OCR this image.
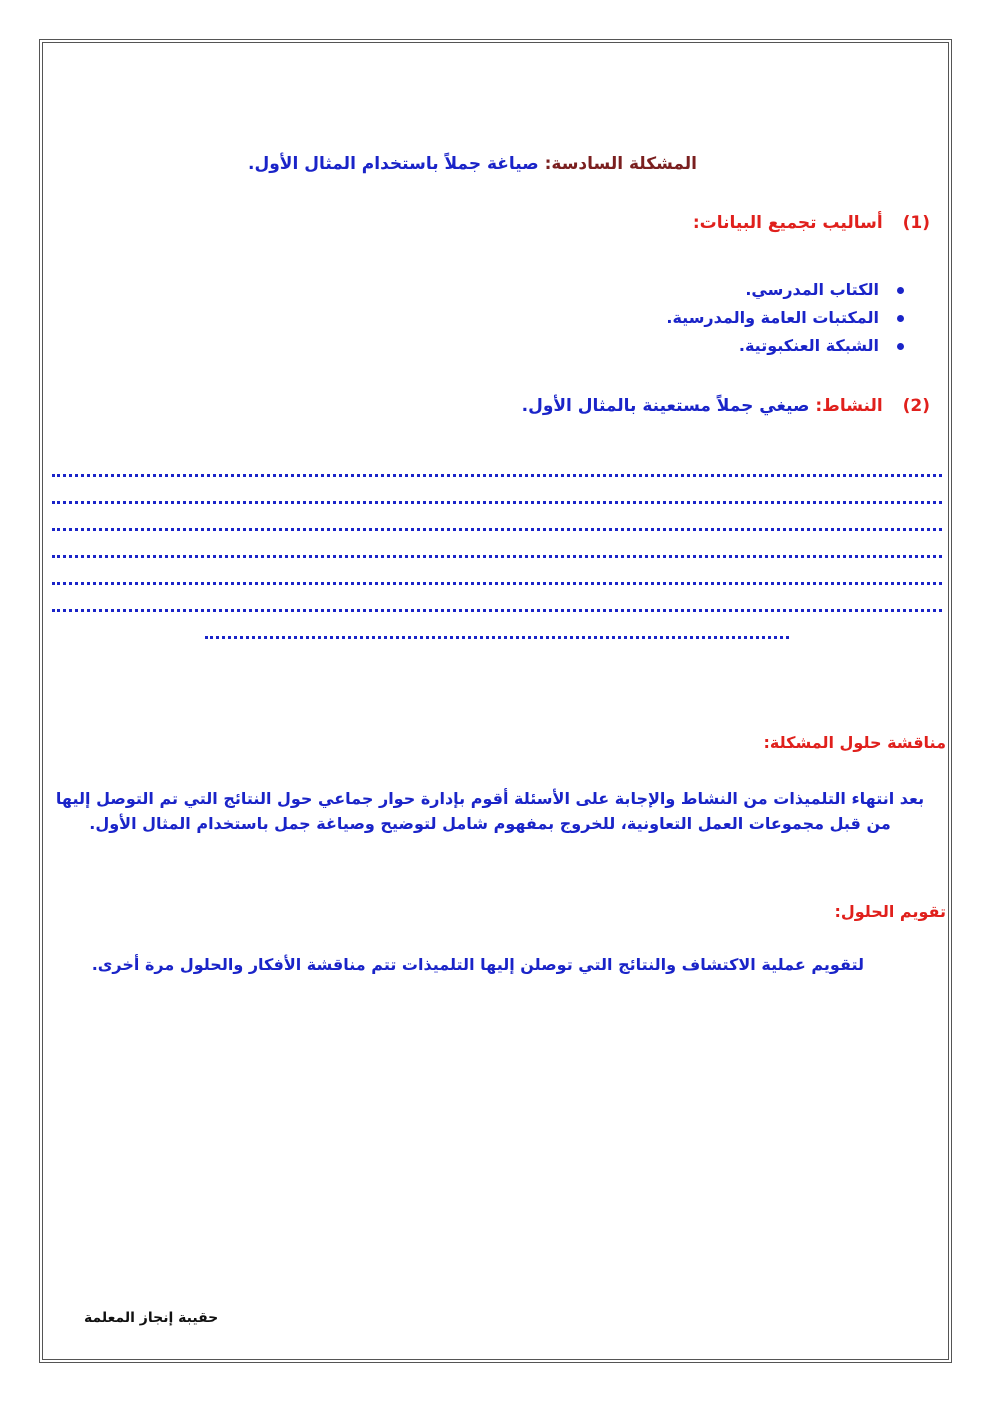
المشكلة السادسة: صياغة جملاً باستخدام المثال الأول.
(1) أساليب تجميع البيانات:
الكتاب المدرسي.
المكتبات العامة والمدرسية.
الشبكة العنكبوتية.
(2) النشاط: صيغي جملاً مستعينة بالمثال الأول.
مناقشة حلول المشكلة:
بعد انتهاء التلميذات من النشاط والإجابة على الأسئلة أقوم بإدارة حوار جماعي حول النتائج التي تم التوصل إليها من قبل مجموعات العمل التعاونية، للخروج بمفهوم شامل لتوضيح وصياغة جمل باستخدام المثال الأول.
تقويم الحلول:
لتقويم عملية الاكتشاف والنتائج التي توصلن إليها التلميذات تتم مناقشة الأفكار والحلول مرة أخرى.
حقيبة إنجاز المعلمة
